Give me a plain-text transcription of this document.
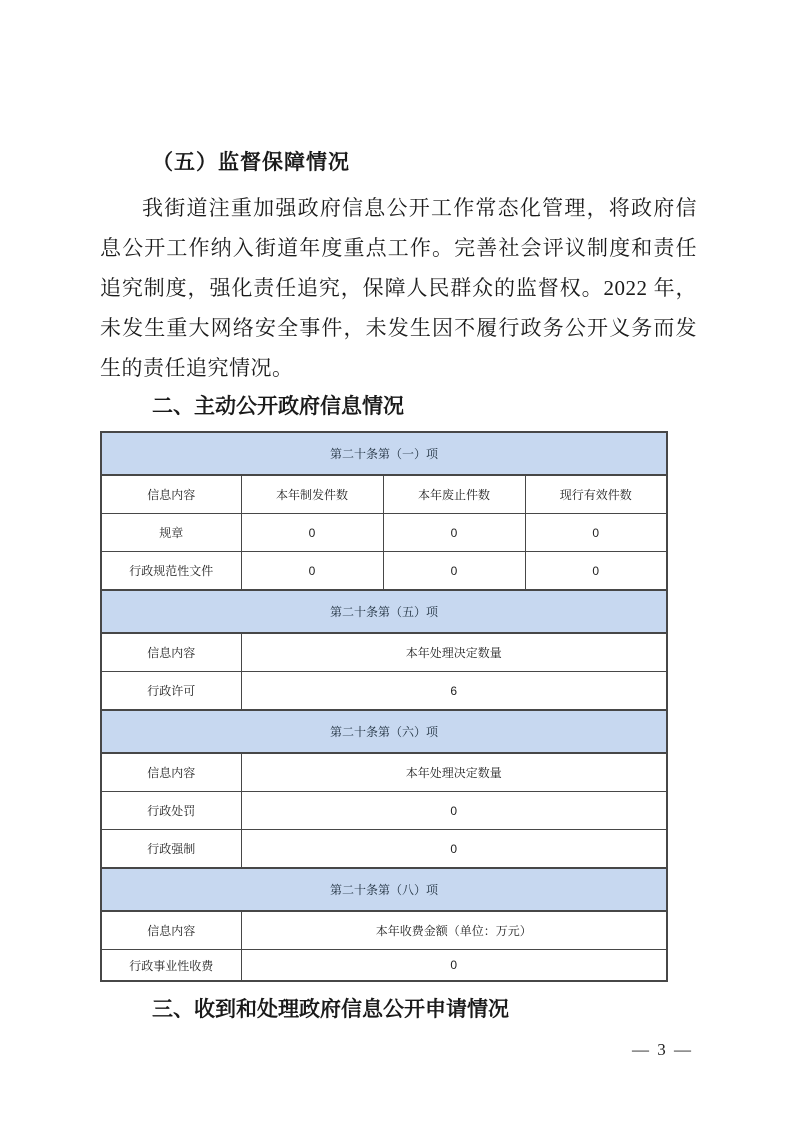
（五）监督保障情况

我街道注重加强政府信息公开工作常态化管理，将政府信息公开工作纳入街道年度重点工作。完善社会评议制度和责任追究制度，强化责任追究，保障人民群众的监督权。2022 年，未发生重大网络安全事件，未发生因不履行政务公开义务而发生的责任追究情况。

二、主动公开政府信息情况
第二十条第（一）项			
信息内容	本年制发件数	本年废止件数	现行有效件数
规章	0	0	0
行政规范性文件	0	0	0
第二十条第（五）项			
信息内容	本年处理决定数量		
行政许可	6		
第二十条第（六）项			
信息内容	本年处理决定数量		
行政处罚	0		
行政强制	0		
第二十条第（八）项			
信息内容	本年收费金额（单位：万元）		
行政事业性收费	0		
三、收到和处理政府信息公开申请情况
— 3 —
